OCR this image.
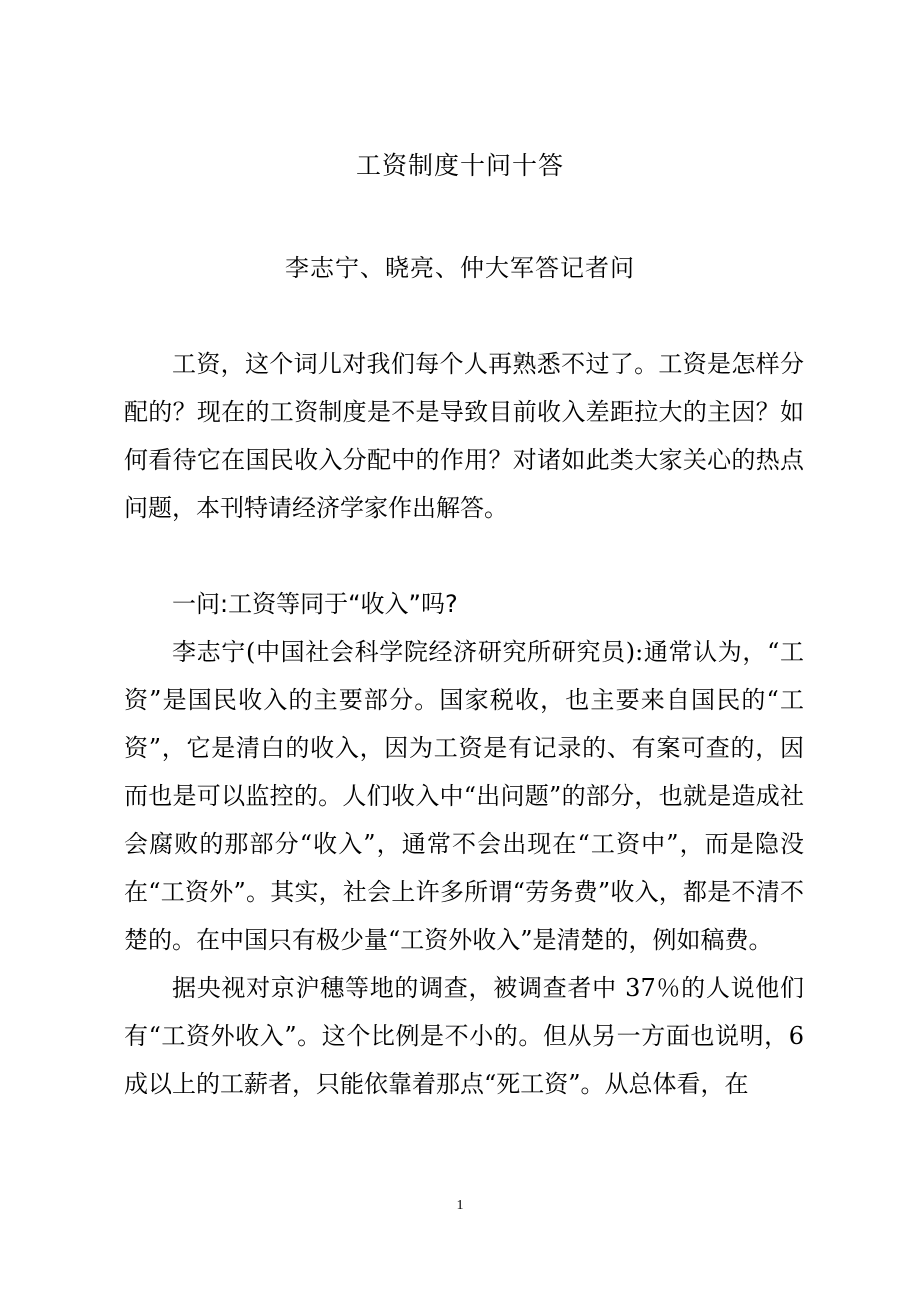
工资制度十问十答
李志宁、晓亮、仲大军答记者问

工资，这个词儿对我们每个人再熟悉不过了。工资是怎样分配的？现在的工资制度是不是导致目前收入差距拉大的主因？如何看待它在国民收入分配中的作用？对诸如此类大家关心的热点问题，本刊特请经济学家作出解答。

一问:工资等同于“收入”吗?

李志宁(中国社会科学院经济研究所研究员):通常认为，“工资”是国民收入的主要部分。国家税收，也主要来自国民的“工资”，它是清白的收入，因为工资是有记录的、有案可查的，因而也是可以监控的。人们收入中“出问题”的部分，也就是造成社会腐败的那部分“收入”，通常不会出现在“工资中”，而是隐没在“工资外”。其实，社会上许多所谓“劳务费”收入，都是不清不楚的。在中国只有极少量“工资外收入”是清楚的，例如稿费。

据央视对京沪穗等地的调查，被调查者中 37％的人说他们有“工资外收入”。这个比例是不小的。但从另一方面也说明，6 成以上的工薪者，只能依靠着那点“死工资”。从总体看，在

1
